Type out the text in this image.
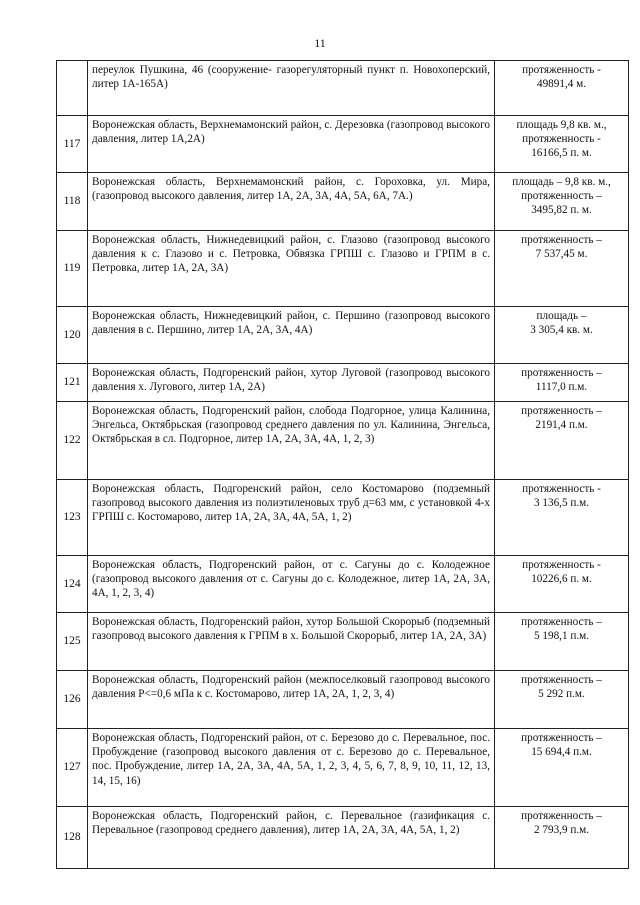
11
	переулок Пушкина, 46 (сооружение- газорегуляторный пункт п. Новохоперский, литер 1А-165А)	протяженность -
49891,4 м.

117	Воронежская область, Верхнемамонский район, с. Дерезовка (газопровод высокого давления, литер 1А,2А)	площадь 9,8 кв. м.,
протяженность -
16166,5 п. м.

118	Воронежская область, Верхнемамонский район, с. Гороховка, ул. Мира, (газопровод высокого давления, литер 1А, 2А, 3А, 4А, 5А, 6А, 7А.)	площадь – 9,8 кв. м.,
протяженность –
3495,82 п. м.

119	Воронежская область, Нижнедевицкий район, с. Глазово (газопровод высокого давления к с. Глазово и с. Петровка, Обвязка ГРПШ с. Глазово и ГРПМ в с. Петровка, литер 1А, 2А, 3А)	протяженность –
7 537,45 м.

120	Воронежская область, Нижнедевицкий район, с. Першино (газопровод высокого давления в с. Першино, литер 1А, 2А, 3А, 4А)	площадь –
3 305,4 кв. м.

121	Воронежская область, Подгоренский район, хутор Луговой (газопровод высокого давления х. Лугового, литер 1А, 2А)	протяженность –
1117,0 п.м.

122	Воронежская область, Подгоренский район, слобода Подгорное, улица Калинина, Энгельса, Октябрьская (газопровод среднего давления по ул. Калинина, Энгельса, Октябрьская в сл. Подгорное, литер 1А, 2А, 3А, 4А, 1, 2, 3)	протяженность –
2191,4 п.м.

123	Воронежская область, Подгоренский район, село Костомарово (подземный газопровод высокого давления из полиэтиленовых труб д=63 мм, с установкой 4-х ГРПШ с. Костомарово, литер 1А, 2А, 3А, 4А, 5А, 1, 2)	протяженность -
3 136,5 п.м.

124	Воронежская область, Подгоренский район, от с. Сагуны до с. Колодежное (газопровод высокого давления от с. Сагуны до с. Колодежное, литер 1А, 2А, 3А, 4А, 1, 2, 3, 4)	протяженность -
10226,6 п. м.

125	Воронежская область, Подгоренский район, хутор Большой Скорорыб (подземный газопровод высокого давления к ГРПМ в х. Большой Скорорыб, литер 1А, 2А, 3А)	протяженность –
5 198,1 п.м.

126	Воронежская область, Подгоренский район (межпоселковый газопровод высокого давления Р<=0,6 мПа к с. Костомарово, литер 1А, 2А, 1, 2, 3, 4)	протяженность –
5 292 п.м.

127	Воронежская область, Подгоренский район, от с. Березово до с. Перевальное, пос. Пробуждение (газопровод высокого давления от с. Березово до с. Перевальное, пос. Пробуждение, литер 1А, 2А, 3А, 4А, 5А, 1, 2, 3, 4, 5, 6, 7, 8, 9, 10, 11, 12, 13, 14, 15, 16)	протяженность –
15 694,4 п.м.

128	Воронежская область, Подгоренский район, с. Перевальное (газификация с. Перевальное (газопровод среднего давления), литер 1А, 2А, 3А, 4А, 5А, 1, 2)	протяженность –
2 793,9 п.м.
